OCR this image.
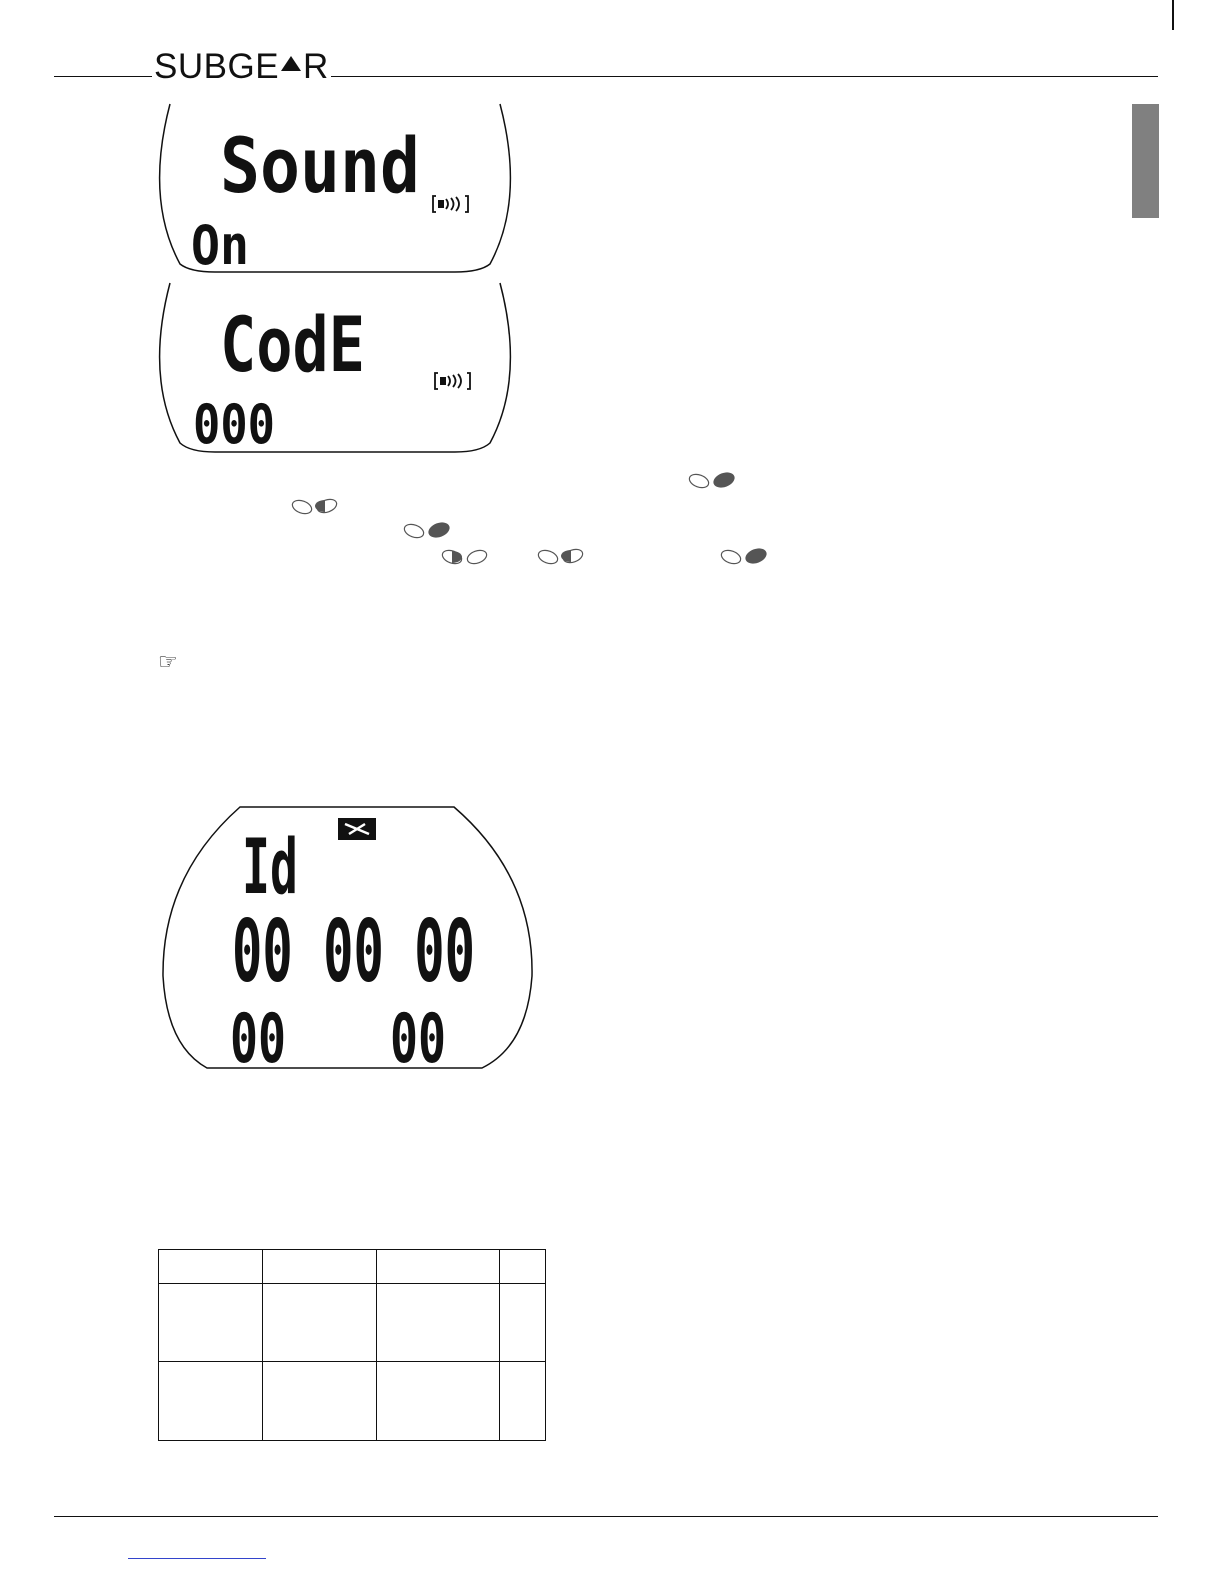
SUBGE R
Sound
On
CodE
000
☞
Id
00 00 00
00 00
